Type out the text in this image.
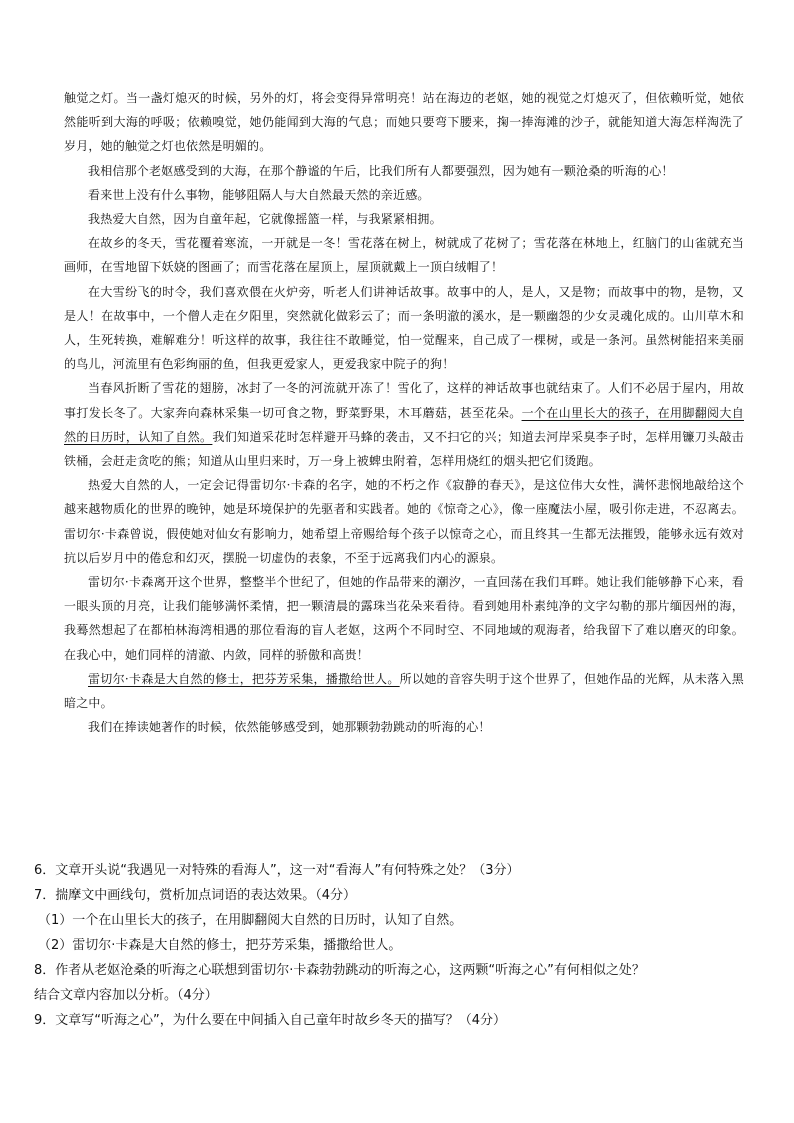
触觉之灯。当一盏灯熄灭的时候，另外的灯，将会变得异常明亮！站在海边的老妪，她的视觉之灯熄灭了，但依赖听觉，她依然能听到大海的呼吸；依赖嗅觉，她仍能闻到大海的气息；而她只要弯下腰来，掬一捧海滩的沙子，就能知道大海怎样淘洗了岁月，她的触觉之灯也依然是明媚的。

我相信那个老妪感受到的大海，在那个静谧的午后，比我们所有人都要强烈，因为她有一颗沧桑的听海的心！

看来世上没有什么事物，能够阻隔人与大自然最天然的亲近感。

我热爱大自然，因为自童年起，它就像摇篮一样，与我紧紧相拥。

在故乡的冬天，雪花覆着寒流，一开就是一冬！雪花落在树上，树就成了花树了；雪花落在林地上，红脑门的山雀就充当画师，在雪地留下妖娆的图画了；而雪花落在屋顶上，屋顶就戴上一顶白绒帽了！

在大雪纷飞的时令，我们喜欢偎在火炉旁，听老人们讲神话故事。故事中的人，是人，又是物；而故事中的物，是物，又是人！在故事中，一个僧人走在夕阳里，突然就化做彩云了；而一条明澈的溪水，是一颗幽怨的少女灵魂化成的。山川草木和人，生死转换，难解难分！听这样的故事，我往往不敢睡觉，怕一觉醒来，自己成了一棵树，或是一条河。虽然树能招来美丽的鸟儿，河流里有色彩绚丽的鱼，但我更爱家人，更爱我家中院子的狗！

当春风折断了雪花的翅膀，冰封了一冬的河流就开冻了！雪化了，这样的神话故事也就结束了。人们不必居于屋内，用故事打发长冬了。大家奔向森林采集一切可食之物，野菜野果，木耳蘑菇，甚至花朵。一个在山里长大的孩子，在用脚翻阅大自然的日历时，认知了自然。我们知道采花时怎样避开马蜂的袭击，又不扫它的兴；知道去河岸采臭李子时，怎样用镰刀头敲击铁桶，会赶走贪吃的熊；知道从山里归来时，万一身上被蜱虫附着，怎样用烧红的烟头把它们烫跑。

热爱大自然的人，一定会记得雷切尔·卡森的名字，她的不朽之作《寂静的春天》，是这位伟大女性，满怀悲悯地敲给这个越来越物质化的世界的晚钟，她是环境保护的先驱者和实践者。她的《惊奇之心》，像一座魔法小屋，吸引你走进，不忍离去。雷切尔·卡森曾说，假使她对仙女有影响力，她希望上帝赐给每个孩子以惊奇之心，而且终其一生都无法摧毁，能够永远有效对抗以后岁月中的倦怠和幻灭，摆脱一切虚伪的表象，不至于远离我们内心的源泉。

雷切尔·卡森离开这个世界，整整半个世纪了，但她的作品带来的潮汐，一直回荡在我们耳畔。她让我们能够静下心来，看一眼头顶的月亮，让我们能够满怀柔情，把一颗清晨的露珠当花朵来看待。看到她用朴素纯净的文字勾勒的那片缅因州的海，我蓦然想起了在都柏林海湾相遇的那位看海的盲人老妪，这两个不同时空、不同地域的观海者，给我留下了难以磨灭的印象。在我心中，她们同样的清澈、内敛，同样的骄傲和高贵！

雷切尔·卡森是大自然的修士，把芬芳采集，播撒给世人。所以她的音容失明于这个世界了，但她作品的光辉，从未落入黑暗之中。

我们在捧读她著作的时候，依然能够感受到，她那颗勃勃跳动的听海的心！

6．文章开头说“我遇见一对特殊的看海人”，这一对“看海人”有何特殊之处？（3分）

7．揣摩文中画线句，赏析加点词语的表达效果。（4分）

（1）一个在山里长大的孩子，在用脚翻阅大自然的日历时，认知了自然。

（2）雷切尔·卡森是大自然的修士，把芬芳采集，播撒给世人。

8．作者从老妪沧桑的听海之心联想到雷切尔·卡森勃勃跳动的听海之心，这两颗“听海之心”有何相似之处？

结合文章内容加以分析。（4分）

9．文章写“听海之心”，为什么要在中间插入自己童年时故乡冬天的描写？（4分）
